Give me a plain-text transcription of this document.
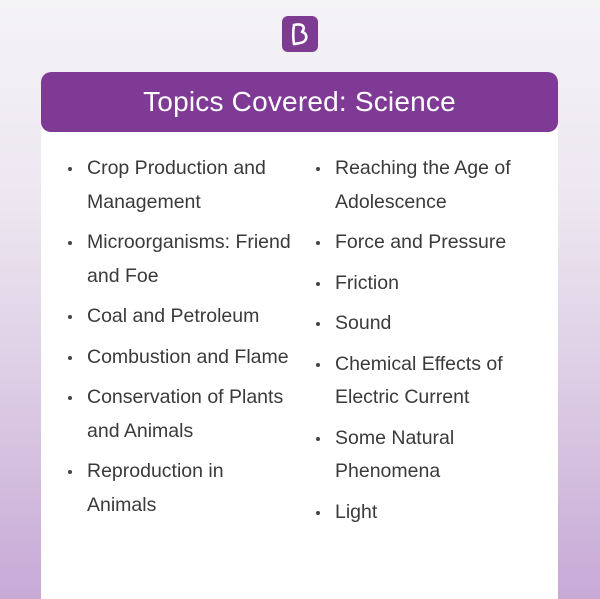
Topics Covered: Science
Crop Production and Management
Microorganisms: Friend and Foe
Coal and Petroleum
Combustion and Flame
Conservation of Plants and Animals
Reproduction in Animals
Reaching the Age of Adolescence
Force and Pressure
Friction
Sound
Chemical Effects of Electric Current
Some Natural Phenomena
Light
